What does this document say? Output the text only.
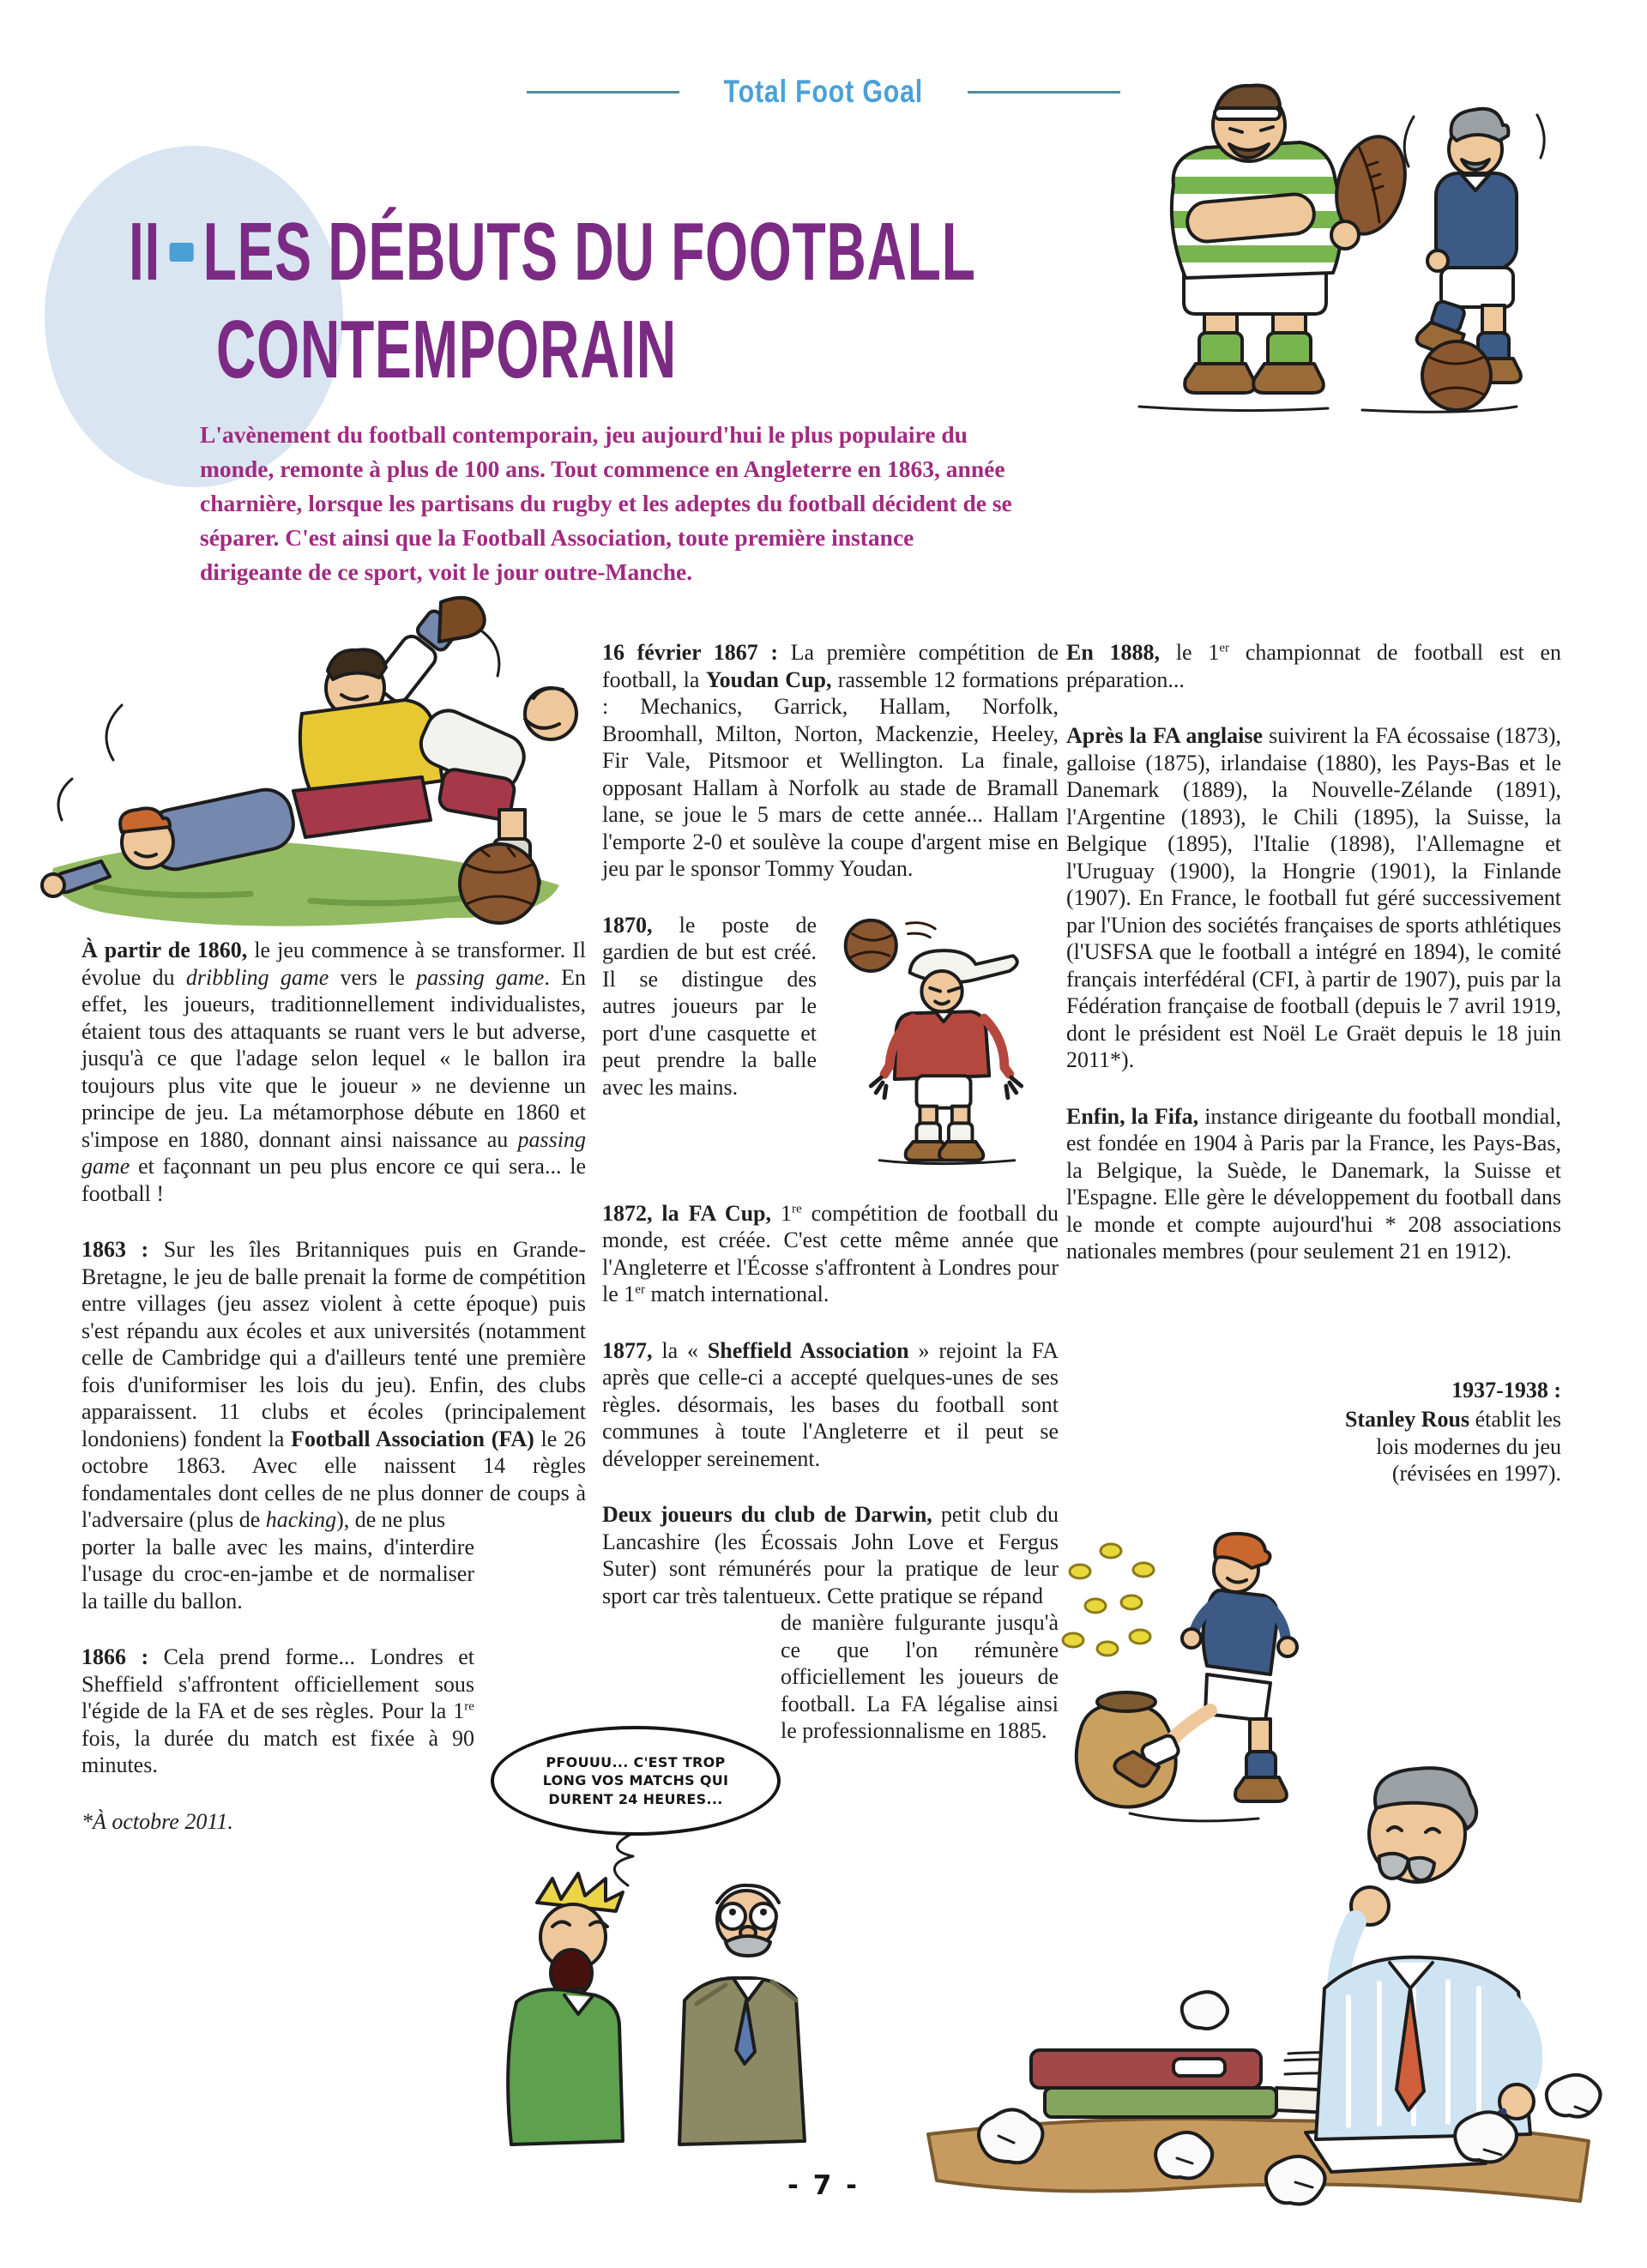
Total Foot Goal
II LES DÉBUTS DU FOOTBALL
CONTEMPORAIN
L'avènement du football contemporain, jeu aujourd'hui le plus populaire du monde, remonte à plus de 100 ans. Tout commence en Angleterre en 1863, année charnière, lorsque les partisans du rugby et les adeptes du football décident de se séparer. C'est ainsi que la Football Association, toute première instance dirigeante de ce sport, voit le jour outre-Manche.

À partir de 1860, le jeu commence à se transformer. Il évolue du dribbling game vers le passing game. En effet, les joueurs, traditionnellement individualistes, étaient tous des attaquants se ruant vers le but adverse, jusqu'à ce que l'adage selon lequel « le ballon ira toujours plus vite que le joueur » ne devienne un principe de jeu. La métamorphose débute en 1860 et s'impose en 1880, donnant ainsi naissance au passing game et façonnant un peu plus encore ce qui sera... le football !

1863 : Sur les îles Britanniques puis en Grande-Bretagne, le jeu de balle prenait la forme de compétition entre villages (jeu assez violent à cette époque) puis s'est répandu aux écoles et aux universités (notamment celle de Cambridge qui a d'ailleurs tenté une première fois d'uniformiser les lois du jeu). Enfin, des clubs apparaissent. 11 clubs et écoles (principalement londoniens) fondent la Football Association (FA) le 26 octobre 1863. Avec elle naissent 14 règles fondamentales dont celles de ne plus donner de coups à l'adversaire (plus de hacking), de ne plus

porter la balle avec les mains, d'interdire l'usage du croc-en-jambe et de normaliser la taille du ballon.

1866 : Cela prend forme... Londres et Sheffield s'affrontent officiellement sous l'égide de la FA et de ses règles. Pour la 1re fois, la durée du match est fixée à 90 minutes.

*À octobre 2011.

16 février 1867 : La première compétition de football, la Youdan Cup, rassemble 12 formations : Mechanics, Garrick, Hallam, Norfolk, Broomhall, Milton, Norton, Mackenzie, Heeley, Fir Vale, Pitsmoor et Wellington. La finale, opposant Hallam à Norfolk au stade de Bramall lane, se joue le 5 mars de cette année... Hallam l'emporte 2-0 et soulève la coupe d'argent mise en jeu par le sponsor Tommy Youdan.

1870, le poste de gardien de but est créé. Il se distingue des autres joueurs par le port d'une casquette et peut prendre la balle avec les mains.

1872, la FA Cup, 1re compétition de football du monde, est créée. C'est cette même année que l'Angleterre et l'Écosse s'affrontent à Londres pour le 1er match international.

1877, la « Sheffield Association » rejoint la FA après que celle-ci a accepté quelques-unes de ses règles. désormais, les bases du football sont communes à toute l'Angleterre et il peut se développer sereinement.

Deux joueurs du club de Darwin, petit club du Lancashire (les Écossais John Love et Fergus Suter) sont rémunérés pour la pratique de leur sport car très talentueux. Cette pratique se répand

de manière fulgurante jusqu'à ce que l'on rémunère officiellement les joueurs de football. La FA légalise ainsi le professionnalisme en 1885.

En 1888, le 1er championnat de football est en préparation...

Après la FA anglaise suivirent la FA écossaise (1873), galloise (1875), irlandaise (1880), les Pays-Bas et le Danemark (1889), la Nouvelle-Zélande (1891), l'Argentine (1893), le Chili (1895), la Suisse, la Belgique (1895), l'Italie (1898), l'Allemagne et l'Uruguay (1900), la Hongrie (1901), la Finlande (1907). En France, le football fut géré successivement par l'Union des sociétés françaises de sports athlétiques (l'USFSA que le football a intégré en 1894), le comité français interfédéral (CFI, à partir de 1907), puis par la Fédération française de football (depuis le 7 avril 1919, dont le président est Noël Le Graët depuis le 18 juin 2011*).

Enfin, la Fifa, instance dirigeante du football mondial, est fondée en 1904 à Paris par la France, les Pays-Bas, la Belgique, la Suède, le Danemark, la Suisse et l'Espagne. Elle gère le développement du football dans le monde et compte aujourd'hui * 208 associations nationales membres (pour seulement 21 en 1912).

1937-1938 :
Stanley Rous établit les lois modernes du jeu (révisées en 1997).
PFOUUU... C'EST TROP
LONG VOS MATCHS QUI
DURENT 24 HEURES...
- 7 -
